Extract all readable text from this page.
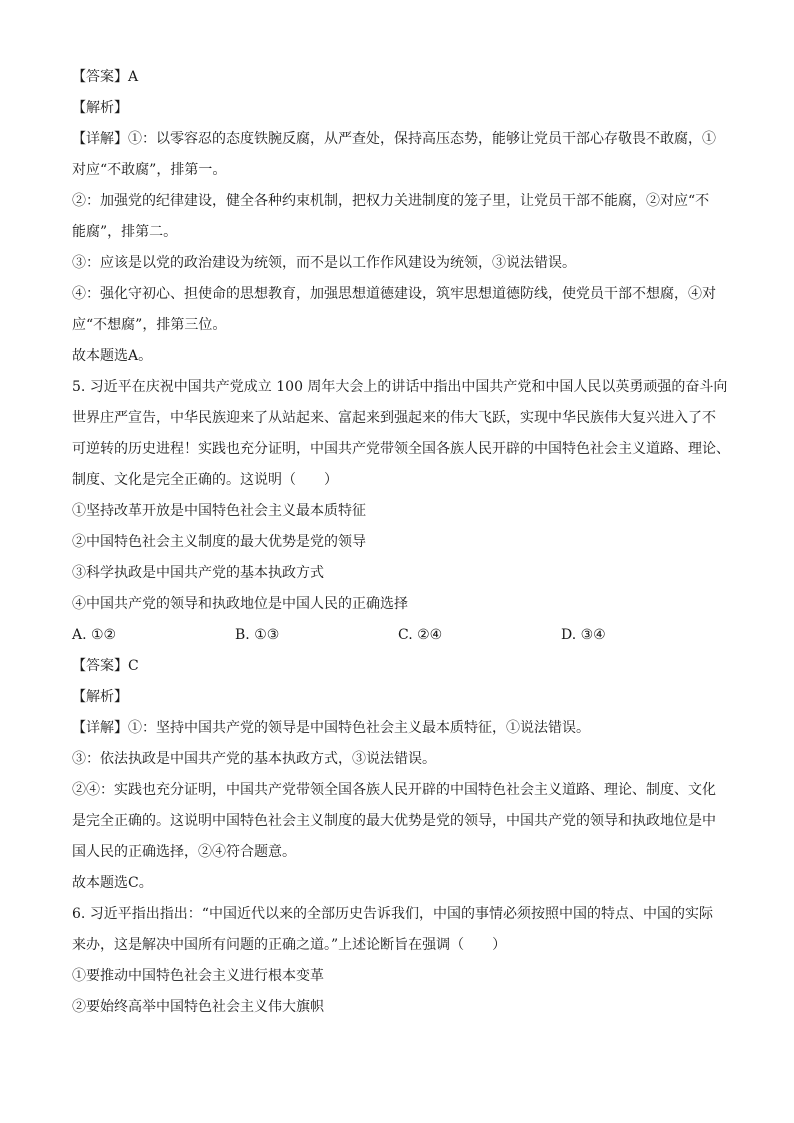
【答案】A
【解析】
【详解】①：以零容忍的态度铁腕反腐，从严查处，保持高压态势，能够让党员干部心存敬畏不敢腐，①
对应“不敢腐”，排第一。
②：加强党的纪律建设，健全各种约束机制，把权力关进制度的笼子里，让党员干部不能腐，②对应“不
能腐”，排第二。
③：应该是以党的政治建设为统领，而不是以工作作风建设为统领，③说法错误。
④：强化守初心、担使命的思想教育，加强思想道德建设，筑牢思想道德防线，使党员干部不想腐，④对
应“不想腐”，排第三位。
故本题选A。
5. 习近平在庆祝中国共产党成立 100 周年大会上的讲话中指出中国共产党和中国人民以英勇顽强的奋斗向
世界庄严宣告，中华民族迎来了从站起来、富起来到强起来的伟大飞跃，实现中华民族伟大复兴进入了不
可逆转的历史进程！实践也充分证明，中国共产党带领全国各族人民开辟的中国特色社会主义道路、理论、
制度、文化是完全正确的。这说明（　　）
①坚持改革开放是中国特色社会主义最本质特征
②中国特色社会主义制度的最大优势是党的领导
③科学执政是中国共产党的基本执政方式
④中国共产党的领导和执政地位是中国人民的正确选择
A. ①②	B. ①③	C. ②④	D. ③④
【答案】C
【解析】
【详解】①：坚持中国共产党的领导是中国特色社会主义最本质特征，①说法错误。
③：依法执政是中国共产党的基本执政方式，③说法错误。
②④：实践也充分证明，中国共产党带领全国各族人民开辟的中国特色社会主义道路、理论、制度、文化
是完全正确的。这说明中国特色社会主义制度的最大优势是党的领导，中国共产党的领导和执政地位是中
国人民的正确选择，②④符合题意。
故本题选C。
6. 习近平指出指出：“中国近代以来的全部历史告诉我们，中国的事情必须按照中国的特点、中国的实际
来办，这是解决中国所有问题的正确之道。”上述论断旨在强调（　　）
①要推动中国特色社会主义进行根本变革
②要始终高举中国特色社会主义伟大旗帜
